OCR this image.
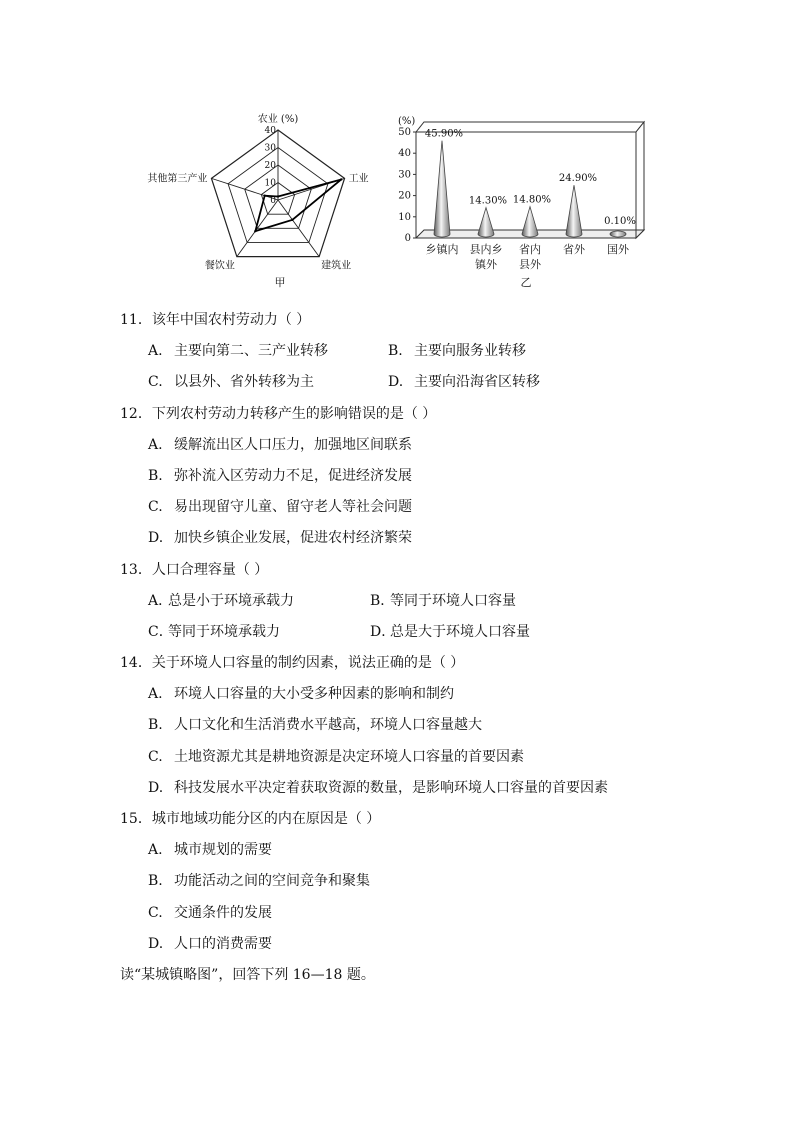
40
30
20
10
0
农业 (%)
工业
建筑业
餐饮业
其他第三产业
甲
(%)
50
40
30
20
10
0
45.90%
14.30% 14.80%
24.90%
0.10%
乡镇内 县内乡
镇外
省内
县外
省外 国外
乙
11．该年中国农村劳动力（ ）
A. 主要向第二、三产业转移	B. 主要向服务业转移
C. 以县外、省外转移为主	D. 主要向沿海省区转移
12．下列农村劳动力转移产生的影响错误的是（ ）
A. 缓解流出区人口压力，加强地区间联系
B. 弥补流入区劳动力不足，促进经济发展
C. 易出现留守儿童、留守老人等社会问题
D. 加快乡镇企业发展，促进农村经济繁荣
13．人口合理容量（ ）
A．总是小于环境承载力	B．等同于环境人口容量
C．等同于环境承载力	D．总是大于环境人口容量
14．关于环境人口容量的制约因素，说法正确的是（ ）
A. 环境人口容量的大小受多种因素的影响和制约
B. 人口文化和生活消费水平越高，环境人口容量越大
C. 土地资源尤其是耕地资源是决定环境人口容量的首要因素
D. 科技发展水平决定着获取资源的数量，是影响环境人口容量的首要因素
15．城市地域功能分区的内在原因是（ ）
A. 城市规划的需要
B. 功能活动之间的空间竞争和聚集
C. 交通条件的发展
D. 人口的消费需要
读“某城镇略图”，回答下列 16—18 题。
